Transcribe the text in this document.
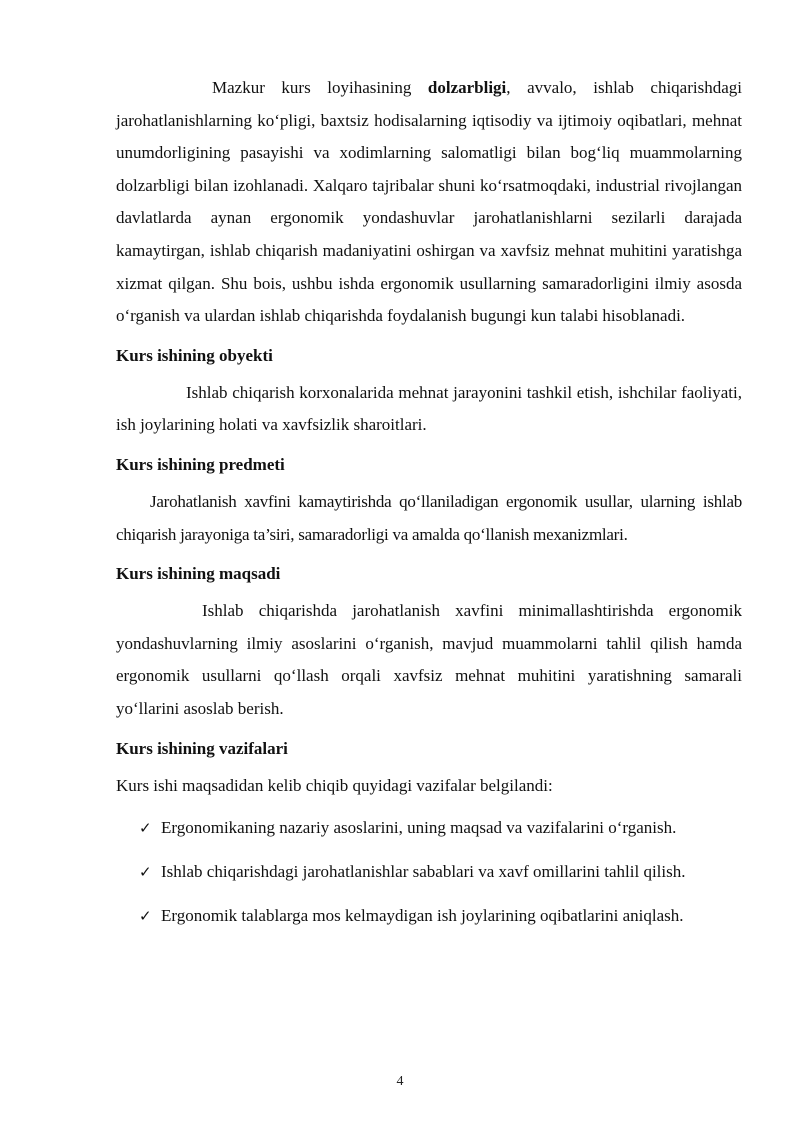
Mazkur kurs loyihasining dolzarbligi, avvalo, ishlab chiqarishdagi jarohatlanishlarning ko‘pligi, baxtsiz hodisalarning iqtisodiy va ijtimoiy oqibatlari, mehnat unumdorligining pasayishi va xodimlarning salomatligi bilan bog‘liq muammolarning dolzarbligi bilan izohlanadi. Xalqaro tajribalar shuni ko‘rsatmoqdaki, industrial rivojlangan davlatlarda aynan ergonomik yondashuvlar jarohatlanishlarni sezilarli darajada kamaytirgan, ishlab chiqarish madaniyatini oshirgan va xavfsiz mehnat muhitini yaratishga xizmat qilgan. Shu bois, ushbu ishda ergonomik usullarning samaradorligini ilmiy asosda o‘rganish va ulardan ishlab chiqarishda foydalanish bugungi kun talabi hisoblanadi.

Kurs ishining obyekti

Ishlab chiqarish korxonalarida mehnat jarayonini tashkil etish, ishchilar faoliyati, ish joylarining holati va xavfsizlik sharoitlari.

Kurs ishining predmeti

Jarohatlanish xavfini kamaytirishda qo‘llaniladigan ergonomik usullar, ularning ishlab chiqarish jarayoniga ta’siri, samaradorligi va amalda qo‘llanish mexanizmlari.

Kurs ishining maqsadi

Ishlab chiqarishda jarohatlanish xavfini minimallashtirishda ergonomik yondashuvlarning ilmiy asoslarini o‘rganish, mavjud muammolarni tahlil qilish hamda ergonomik usullarni qo‘llash orqali xavfsiz mehnat muhitini yaratishning samarali yo‘llarini asoslab berish.

Kurs ishining vazifalari

Kurs ishi maqsadidan kelib chiqib quyidagi vazifalar belgilandi:

✓ Ergonomikaning nazariy asoslarini, uning maqsad va vazifalarini o‘rganish.
✓ Ishlab chiqarishdagi jarohatlanishlar sabablari va xavf omillarini tahlil qilish.
✓ Ergonomik talablarga mos kelmaydigan ish joylarining oqibatlarini aniqlash.
4
